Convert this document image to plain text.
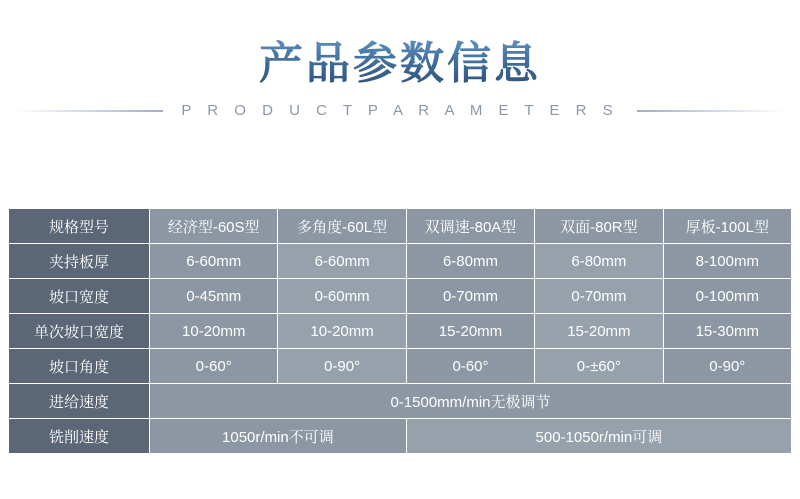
产品参数信息
P R O D U C T P A R A M E T E R S
规格型号	经济型-60S型	多角度-60L型	双调速-80A型	双面-80R型	厚板-100L型
夹持板厚	6-60mm	6-60mm	6-80mm	6-80mm	8-100mm
坡口宽度	0-45mm	0-60mm	0-70mm	0-70mm	0-100mm
单次坡口宽度	10-20mm	10-20mm	15-20mm	15-20mm	15-30mm
坡口角度	0-60°	0-90°	0-60°	0-±60°	0-90°
进给速度	0-1500mm/min无极调节				
铣削速度	1050r/min不可调		500-1050r/min可调		
